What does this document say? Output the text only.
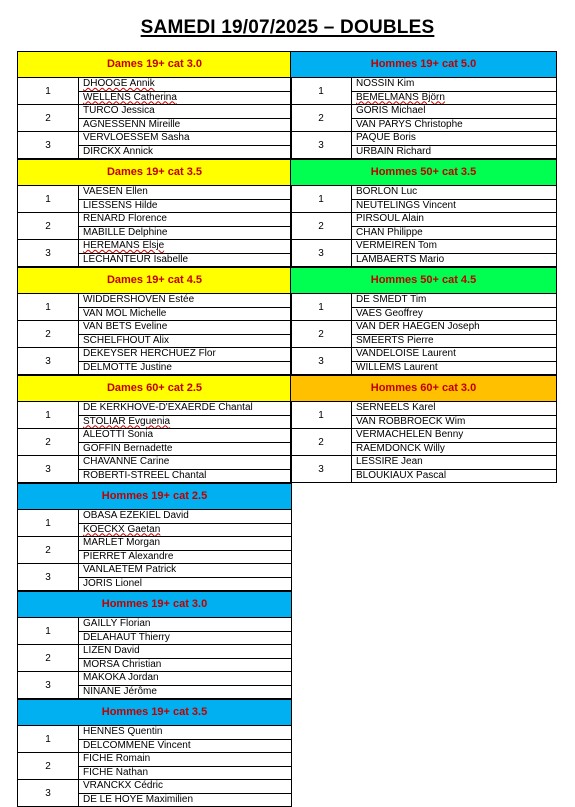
SAMEDI 19/07/2025 – DOUBLES
Dames 19+ cat 3.0
1
DHOOGE Annik
WELLENS Catherina
2
TURCO Jessica
AGNESSENN Mireille
3
VERVLOESSEM Sasha
DIRCKX Annick
Dames 19+ cat 3.5
1
VAESEN Ellen
LIESSENS Hilde
2
RENARD Florence
MABILLE Delphine
3
HEREMANS Elsje
LECHANTEUR Isabelle
Dames 19+ cat 4.5
1
WIDDERSHOVEN Estée
VAN MOL Michelle
2
VAN BETS Eveline
SCHELFHOUT Alix
3
DEKEYSER HERCHUEZ Flor
DELMOTTE Justine
Dames 60+ cat 2.5
1
DE KERKHOVE-D'EXAERDE Chantal
STOLIAR Evguenia
2
ALEOTTI Sonia
GOFFIN Bernadette
3
CHAVANNE Carine
ROBERTI-STREEL Chantal
Hommes 19+ cat 2.5
1
OBASA EZEKIEL David
KOECKX Gaetan
2
MARLET Morgan
PIERRET Alexandre
3
VANLAETEM Patrick
JORIS Lionel
Hommes 19+ cat 3.0
1
GAILLY Florian
DELAHAUT Thierry
2
LIZEN David
MORSA Christian
3
MAKOKA Jordan
NINANE Jérôme
Hommes 19+ cat 3.5
1
HENNES Quentin
DELCOMMENE Vincent
2
FICHE Romain
FICHE Nathan
3
VRANCKX Cédric
DE LE HOYE Maximilien
Hommes 19+ cat 5.0
1
NOSSIN Kim
BEMELMANS Björn
2
GORIS Michael
VAN PARYS Christophe
3
PAQUE Boris
URBAIN Richard
Hommes 50+ cat 3.5
1
BORLON Luc
NEUTELINGS Vincent
2
PIRSOUL Alain
CHAN Philippe
3
VERMEIREN Tom
LAMBAERTS Mario
Hommes 50+ cat 4.5
1
DE SMEDT Tim
VAES Geoffrey
2
VAN DER HAEGEN Joseph
SMEERTS Pierre
3
VANDELOISE Laurent
WILLEMS Laurent
Hommes 60+ cat 3.0
1
SERNEELS Karel
VAN ROBBROECK Wim
2
VERMACHELEN Benny
RAEMDONCK Willy
3
LESSIRE Jean
BLOUKIAUX Pascal
